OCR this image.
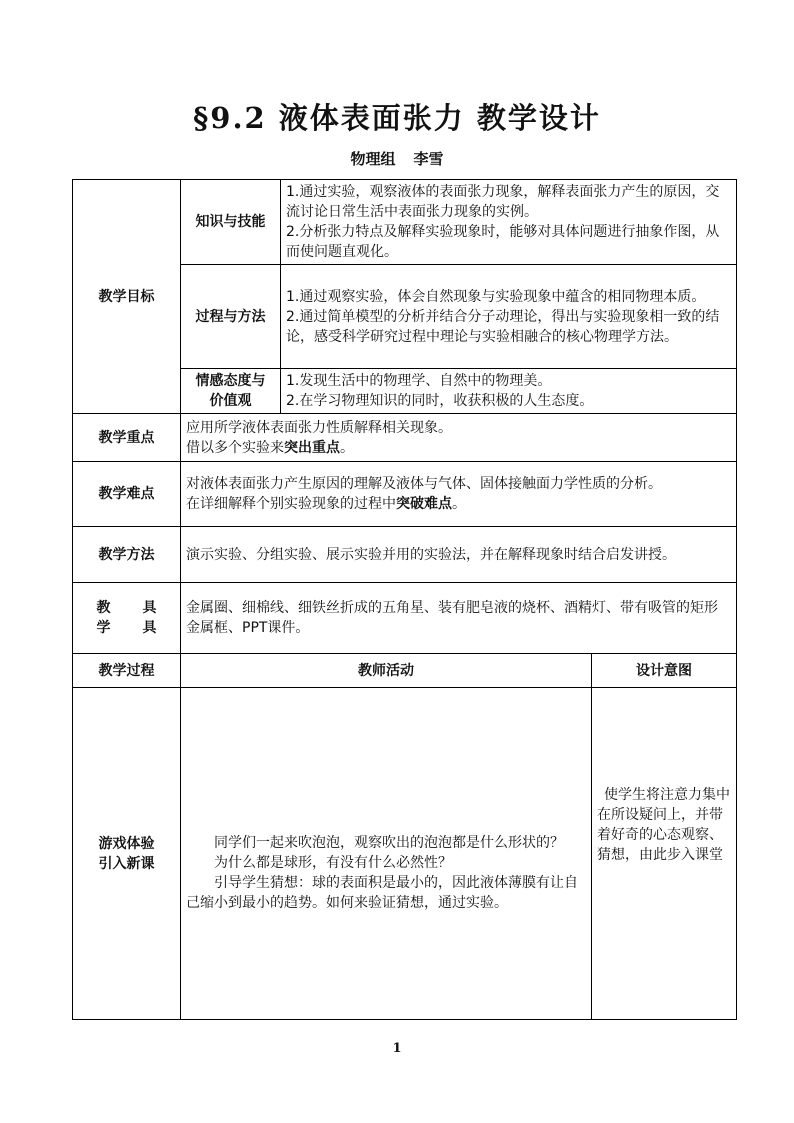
§9.2 液体表面张力 教学设计
物理组 李雪
教学目标	知识与技能	1.通过实验，观察液体的表面张力现象，解释表面张力产生的原因，交流讨论日常生活中表面张力现象的实例。
2.分析张力特点及解释实验现象时，能够对具体问题进行抽象作图，从而使问题直观化。	

	过程与方法	1.通过观察实验，体会自然现象与实验现象中蕴含的相同物理本质。
2.通过简单模型的分析并结合分子动理论，得出与实验现象相一致的结论，感受科学研究过程中理论与实验相融合的核心物理学方法。	

	情感态度与
价值观	1.发现生活中的物理学、自然中的物理美。
2.在学习物理知识的同时，收获积极的人生态度。	

教学重点	应用所学液体表面张力性质解释相关现象。
借以多个实验来突出重点。		

教学难点	对液体表面张力产生原因的理解及液体与气体、固体接触面力学性质的分析。
在详细解释个别实验现象的过程中突破难点。		

教学方法	演示实验、分组实验、展示实验并用的实验法，并在解释现象时结合启发讲授。		

教 具
学 具	金属圈、细棉线、细铁丝折成的五角星、装有肥皂液的烧杯、酒精灯、带有吸管的矩形金属框、PPT课件。		
教学过程	教师活动		设计意图

游戏体验
引入新课	同学们一起来吹泡泡，观察吹出的泡泡都是什么形状的？
为什么都是球形，有没有什么必然性？
引导学生猜想：球的表面积是最小的，因此液体薄膜有让自己缩小到最小的趋势。如何来验证猜想，通过实验。		使学生将注意力集中在所设疑问上，并带着好奇的心态观察、猜想，由此步入课堂
1
